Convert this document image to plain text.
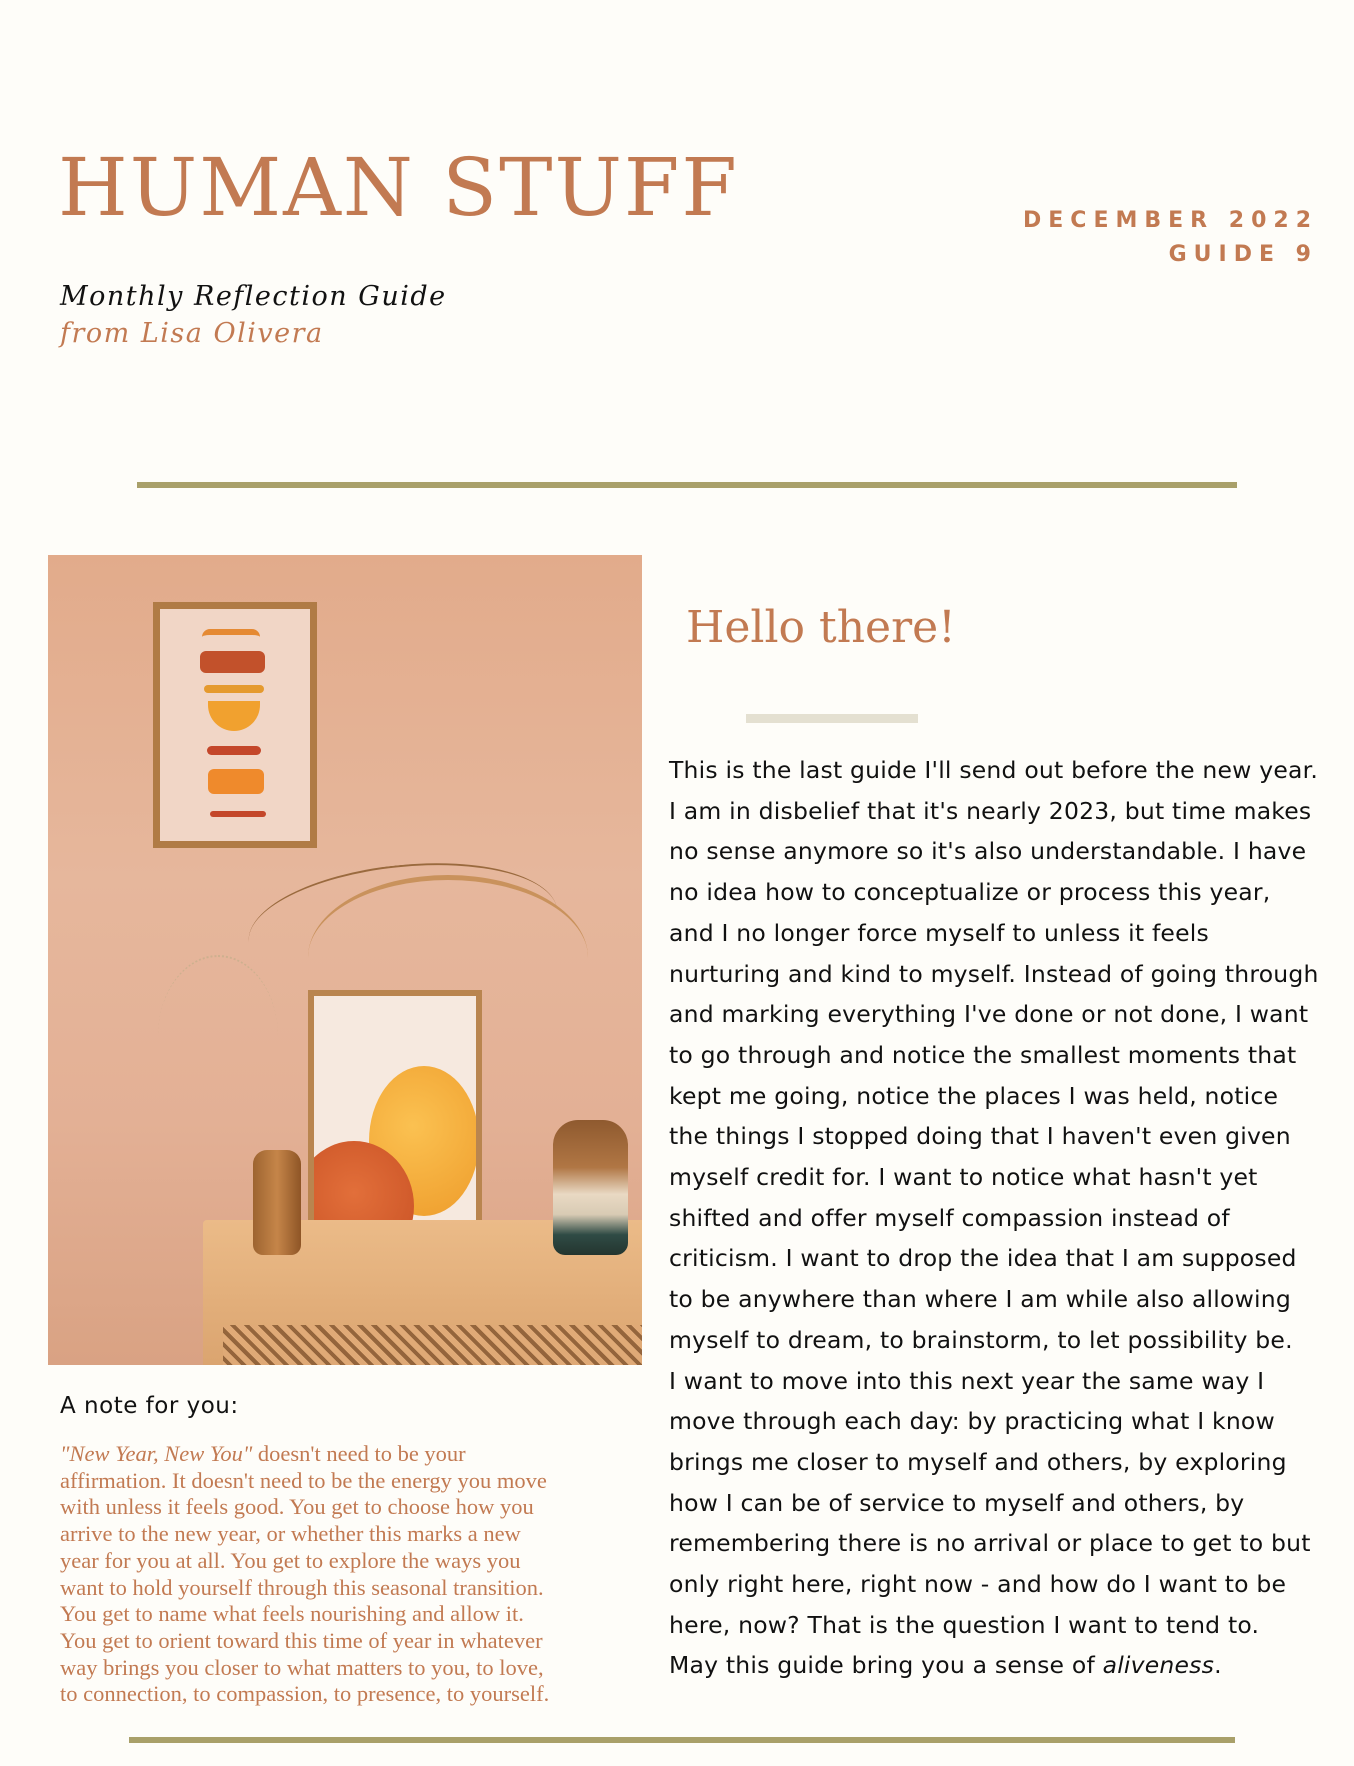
HUMAN STUFF
Monthly Reflection Guide
from Lisa Olivera
DECEMBER 2022
GUIDE 9
Hello there!

This is the last guide I'll send out before the new year.
I am in disbelief that it's nearly 2023, but time makes
no sense anymore so it's also understandable. I have
no idea how to conceptualize or process this year,
and I no longer force myself to unless it feels
nurturing and kind to myself. Instead of going through
and marking everything I've done or not done, I want
to go through and notice the smallest moments that
kept me going, notice the places I was held, notice
the things I stopped doing that I haven't even given
myself credit for. I want to notice what hasn't yet
shifted and offer myself compassion instead of
criticism. I want to drop the idea that I am supposed
to be anywhere than where I am while also allowing
myself to dream, to brainstorm, to let possibility be.
I want to move into this next year the same way I
move through each day: by practicing what I know
brings me closer to myself and others, by exploring
how I can be of service to myself and others, by
remembering there is no arrival or place to get to but
only right here, right now - and how do I want to be
here, now? That is the question I want to tend to.
May this guide bring you a sense of aliveness.

A note for you:
"New Year, New You" doesn't need to be your
affirmation. It doesn't need to be the energy you move
with unless it feels good. You get to choose how you
arrive to the new year, or whether this marks a new
year for you at all. You get to explore the ways you
want to hold yourself through this seasonal transition.
You get to name what feels nourishing and allow it.
You get to orient toward this time of year in whatever
way brings you closer to what matters to you, to love,
to connection, to compassion, to presence, to yourself.
